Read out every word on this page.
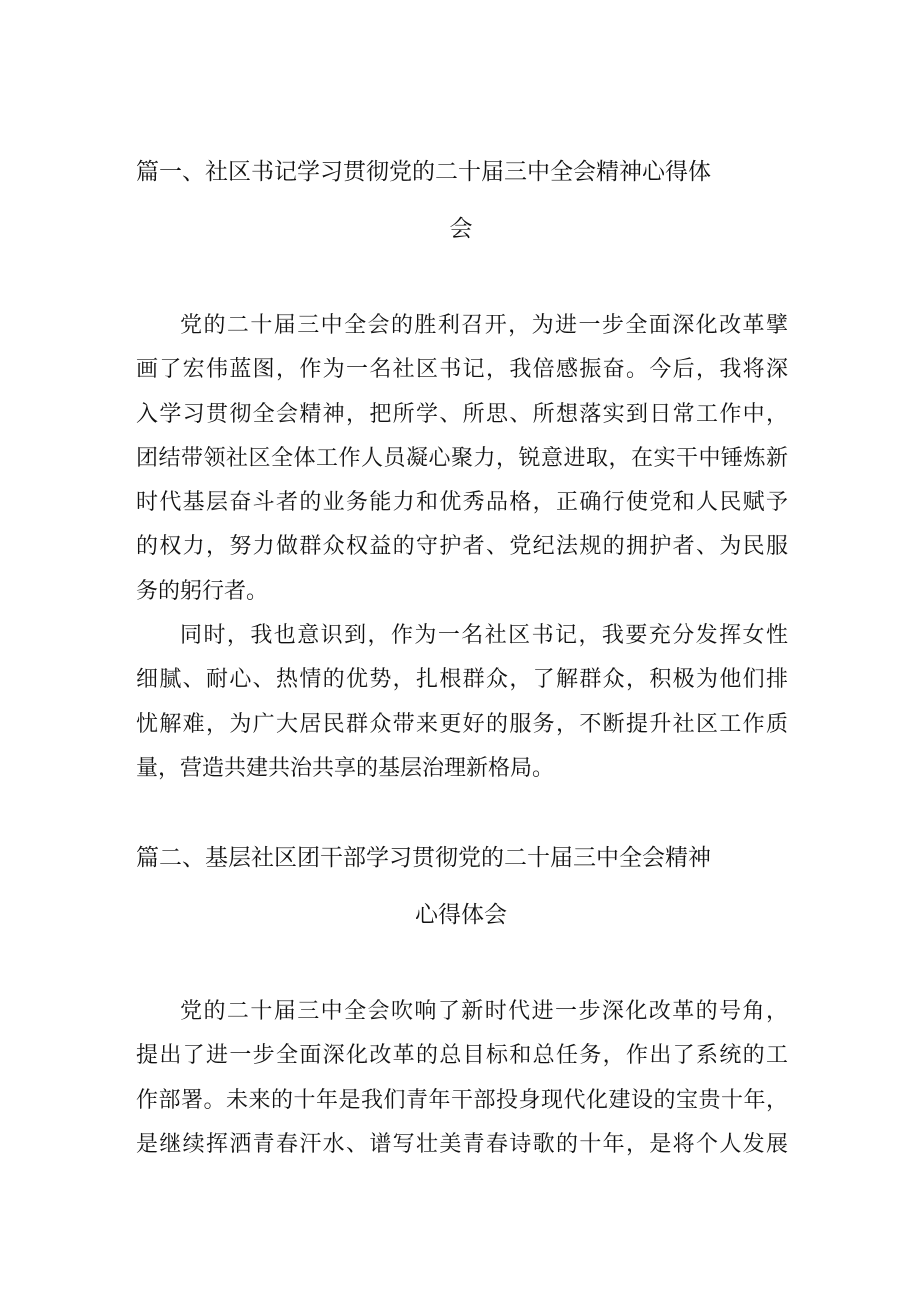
篇一、社区书记学习贯彻党的二十届三中全会精神心得体
会
党的二十届三中全会的胜利召开，为进一步全面深化改革擘
画了宏伟蓝图，作为一名社区书记，我倍感振奋。今后，我将深
入学习贯彻全会精神，把所学、所思、所想落实到日常工作中，
团结带领社区全体工作人员凝心聚力，锐意进取，在实干中锤炼新
时代基层奋斗者的业务能力和优秀品格，正确行使党和人民赋予
的权力，努力做群众权益的守护者、党纪法规的拥护者、为民服
务的躬行者。
同时，我也意识到，作为一名社区书记，我要充分发挥女性
细腻、耐心、热情的优势，扎根群众，了解群众，积极为他们排
忧解难，为广大居民群众带来更好的服务，不断提升社区工作质
量，营造共建共治共享的基层治理新格局。
篇二、基层社区团干部学习贯彻党的二十届三中全会精神
心得体会
党的二十届三中全会吹响了新时代进一步深化改革的号角，
提出了进一步全面深化改革的总目标和总任务，作出了系统的工
作部署。未来的十年是我们青年干部投身现代化建设的宝贵十年，
是继续挥洒青春汗水、谱写壮美青春诗歌的十年，是将个人发展
